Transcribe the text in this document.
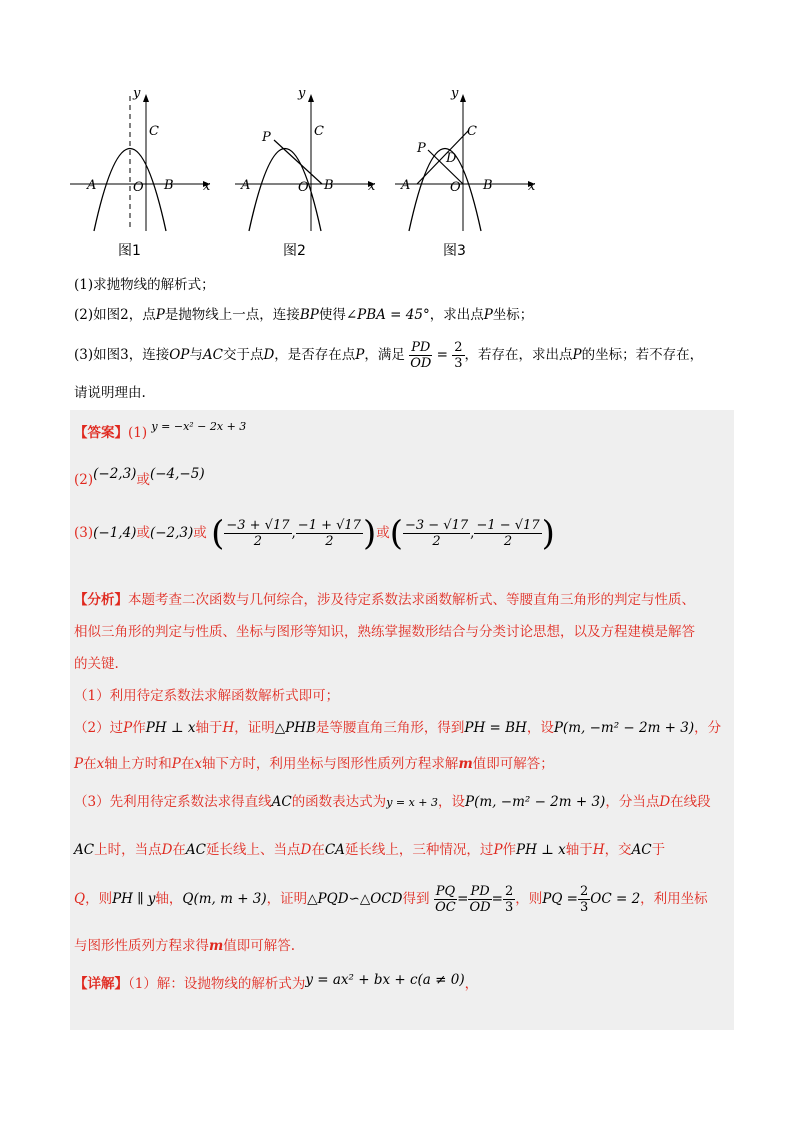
y
x
A	B
C
O
图1
y
x
A	B
C
P
O
图2
y
x
A	B
C
P
D
O
图3
(1)求抛物线的解析式；
(2)如图2，点P是抛物线上一点，连接BP使得∠PBA = 45°，求出点P坐标；
(3)如图3，连接OP与AC交于点D，是否存在点P，满足 $\frac{PD}{OD} = \frac{2}{3}$ ，若存在，求出点P的坐标；若不存在，
请说明理由.
【答案】(1) $^{y = -x^2 - 2x + 3}$
(2)(−2,3)或(−4,−5)
(3)(−1,4)或(−2,3)或 ( $\frac{-3 + √17}{2}$ , $\frac{-1 + √17}{2}$ )或( $\frac{-3 - √17}{2}$ , $\frac{-1 - √17}{2}$ )
【分析】本题考查二次函数与几何综合，涉及待定系数法求函数解析式、等腰直角三角形的判定与性质、
相似三角形的判定与性质、坐标与图形等知识，熟练掌握数形结合与分类讨论思想，以及方程建模是解答
的关键.
（1）利用待定系数法求解函数解析式即可；
（2）过P作PH ⊥ x轴于H，证明△PHB是等腰直角三角形，得到PH = BH，设P(m, −m² − 2m + 3)，分
P在x轴上方时和P在x轴下方时，利用坐标与图形性质列方程求解m值即可解答；
（3）先利用待定系数法求得直线AC的函数表达式为y = x + 3，设P(m, −m² − 2m + 3)，分当点D在线段
AC上时，当点D在AC延长线上、当点D在CA延长线上，三种情况，过P作PH ⊥ x轴于H，交AC于
Q，则PH ∥ y轴，Q(m, m + 3)，证明△PQD∽△OCD得到 $\frac{PQ}{OC} = \frac{PD}{OD} = \frac{2}{3}$ ，则PQ = $\frac{2}{3}$ OC = 2，利用坐标
与图形性质列方程求得m值即可解答.
【详解】（1）解：设抛物线的解析式为y = ax² + bx + c(a ≠ 0)，
